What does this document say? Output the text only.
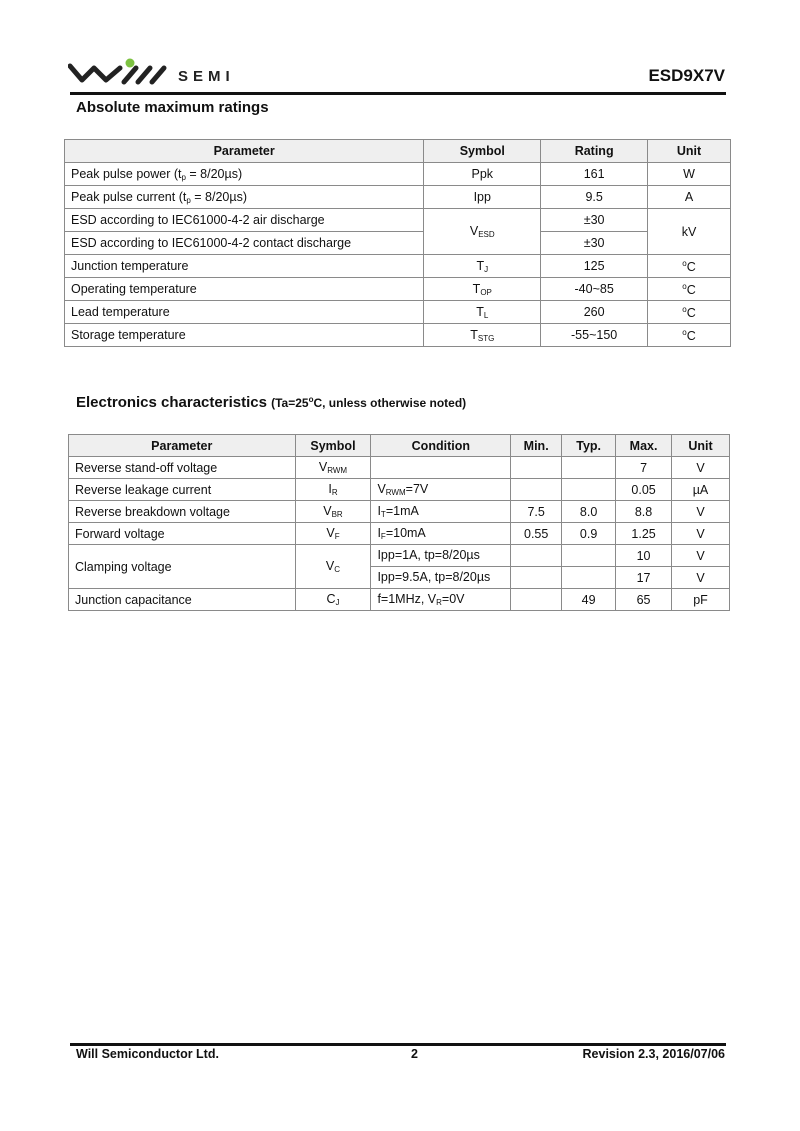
SEMI	ESD9X7V
Absolute maximum ratings
Parameter	Symbol	Rating	Unit
Peak pulse power $(t_p = 8/20\mu s)$	Ppk	161	W
Peak pulse current $(t_p = 8/20\mu s)$	Ipp	9.5	A
ESD according to IEC61000-4-2 air discharge	$V_{ESD}$	±30	kV
ESD according to IEC61000-4-2 contact discharge		±30	
Junction temperature	$T_J$	125	$^o$C
Operating temperature	$T_{OP}$	-40~85	$^o$C
Lead temperature	$T_L$	260	$^o$C
Storage temperature	$T_{STG}$	-55~150	$^o$C
Electronics characteristics ($Ta=25^oC$, unless otherwise noted)
Parameter	Symbol	Condition	Min.	Typ.	Max.	Unit
Reverse stand-off voltage	$V_{RWM}$				7	V
Reverse leakage current	$I_R$	$V_{RWM}=7V$			0.05	µA
Reverse breakdown voltage	$V_{BR}$	$I_T=1mA$	7.5	8.0	8.8	V
Forward voltage	$V_F$	$I_F=10mA$	0.55	0.9	1.25	V
Clamping voltage	$V_C$	Ipp=1A, tp=8/20µs			10	V
		Ipp=9.5A, tp=8/20µs			17	V
Junction capacitance	$C_J$	f=1MHz, $V_R=0V$		49	65	pF
Will Semiconductor Ltd.	2	Revision 2.3, 2016/07/06
